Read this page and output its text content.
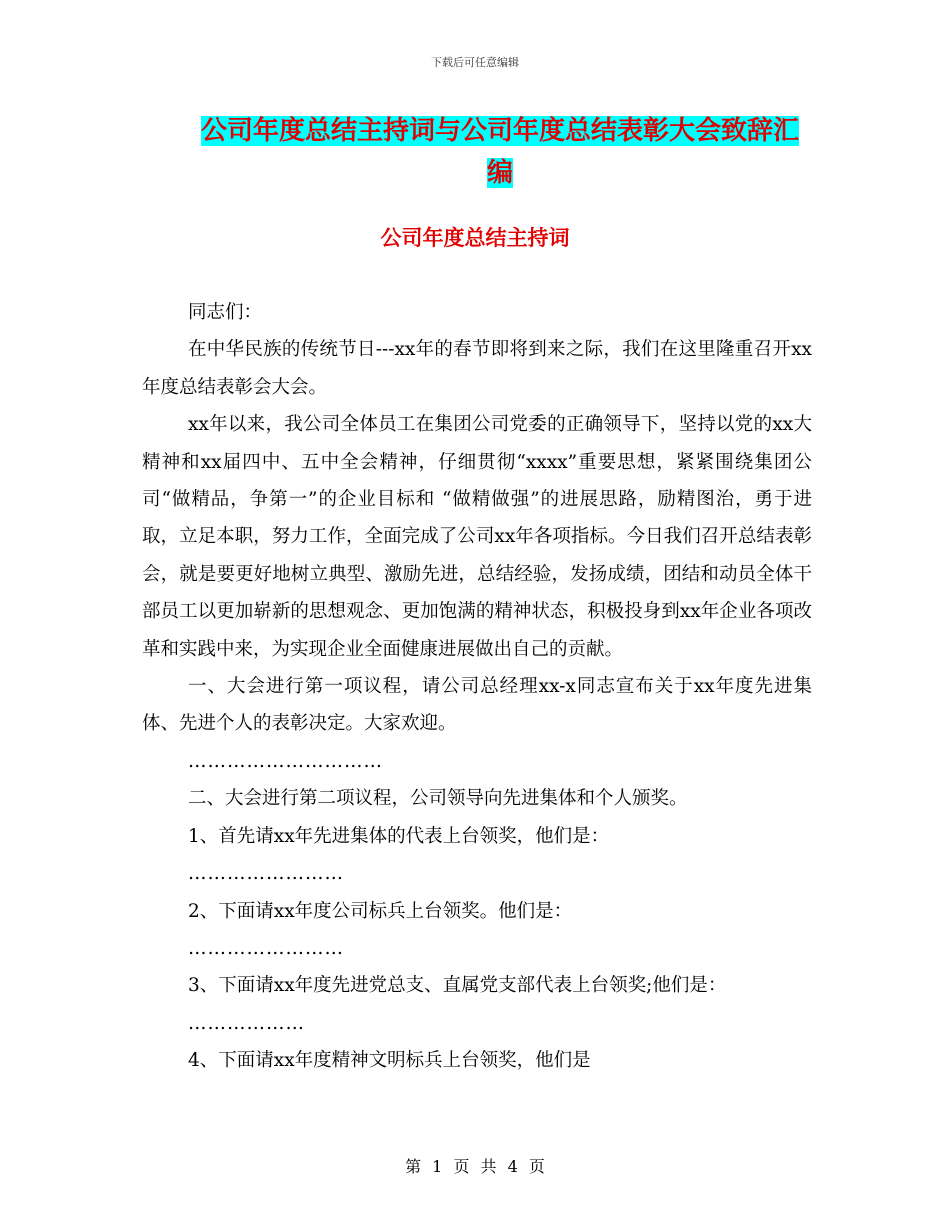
下载后可任意编辑
公司年度总结主持词与公司年度总结表彰大会致辞汇
编
公司年度总结主持词

同志们：

在中华民族的传统节日---xx年的春节即将到来之际，我们在这里隆重召开xx年度总结表彰会大会。

xx年以来，我公司全体员工在集团公司党委的正确领导下，坚持以党的xx大精神和xx届四中、五中全会精神，仔细贯彻“xxxx”重要思想，紧紧围绕集团公司“做精品，争第一”的企业目标和 “做精做强”的进展思路，励精图治，勇于进取，立足本职，努力工作，全面完成了公司xx年各项指标。今日我们召开总结表彰会，就是要更好地树立典型、激励先进，总结经验，发扬成绩，团结和动员全体干部员工以更加崭新的思想观念、更加饱满的精神状态，积极投身到xx年企业各项改革和实践中来，为实现企业全面健康进展做出自己的贡献。

一、大会进行第一项议程，请公司总经理xx-x同志宣布关于xx年度先进集体、先进个人的表彰决定。大家欢迎。

…………………………

二、大会进行第二项议程，公司领导向先进集体和个人颁奖。

1、首先请xx年先进集体的代表上台领奖，他们是：

……………………

2、下面请xx年度公司标兵上台领奖。他们是：

……………………

3、下面请xx年度先进党总支、直属党支部代表上台领奖;他们是：

………………

4、下面请xx年度精神文明标兵上台领奖，他们是

第 1 页 共 4 页
